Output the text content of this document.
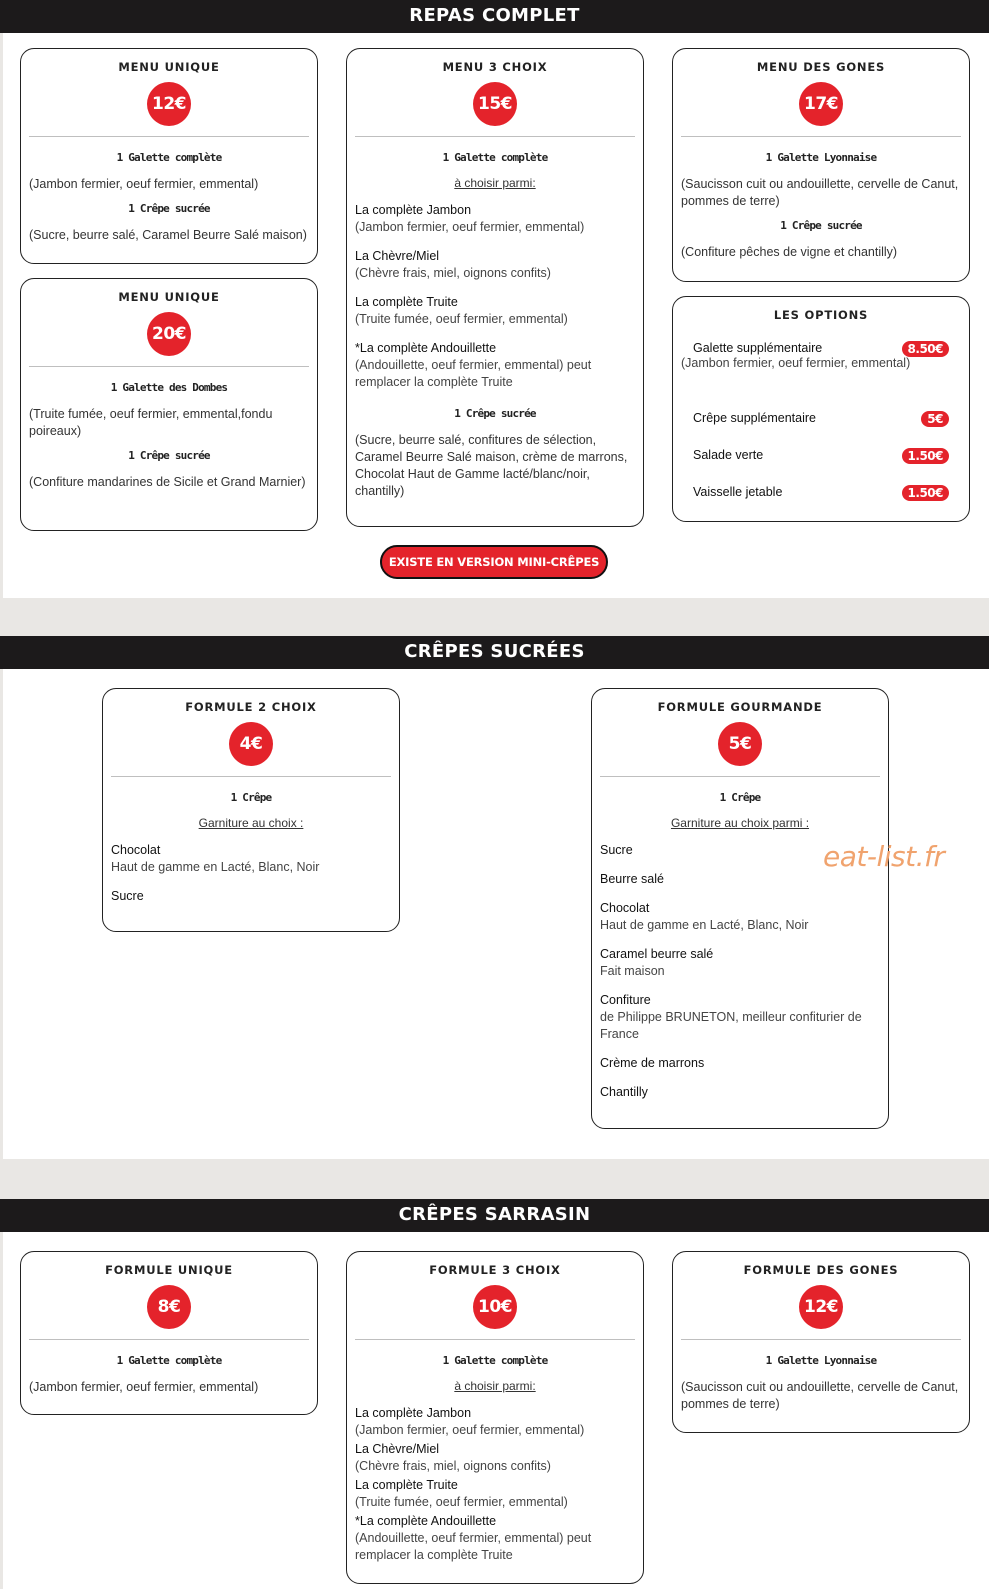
REPAS COMPLET
MENU UNIQUE
12€
1 Galette complète
(Jambon fermier, oeuf fermier, emmental)
1 Crêpe sucrée
(Sucre, beurre salé, Caramel Beurre Salé maison)
MENU UNIQUE
20€
1 Galette des Dombes
(Truite fumée, oeuf fermier, emmental,fondu poireaux)
1 Crêpe sucrée
(Confiture mandarines de Sicile et Grand Marnier)
MENU 3 CHOIX
15€
1 Galette complète
à choisir parmi:
La complète Jambon
(Jambon fermier, oeuf fermier, emmental)
La Chèvre/Miel
(Chèvre frais, miel, oignons confits)
La complète Truite
(Truite fumée, oeuf fermier, emmental)
*La complète Andouillette
(Andouillette, oeuf fermier, emmental) peut remplacer la complète Truite
1 Crêpe sucrée
(Sucre, beurre salé, confitures de sélection, Caramel Beurre Salé maison, crème de marrons, Chocolat Haut de Gamme lacté/blanc/noir, chantilly)
MENU DES GONES
17€
1 Galette Lyonnaise
(Saucisson cuit ou andouillette, cervelle de Canut, pommes de terre)
1 Crêpe sucrée
(Confiture pêches de vigne et chantilly)
LES OPTIONS
Galette supplémentaire
(Jambon fermier, oeuf fermier, emmental)
8.50€
Crêpe supplémentaire	5€
Salade verte	1.50€
Vaisselle jetable	1.50€
EXISTE EN VERSION MINI-CRÊPES
CRÊPES SUCRÉES
FORMULE 2 CHOIX
4€
1 Crêpe
Garniture au choix :
Chocolat
Haut de gamme en Lacté, Blanc, Noir
Sucre
FORMULE GOURMANDE
5€
1 Crêpe
Garniture au choix parmi :
Sucre
Beurre salé
Chocolat
Haut de gamme en Lacté, Blanc, Noir
Caramel beurre salé
Fait maison
Confiture
de Philippe BRUNETON, meilleur confiturier de France
Crème de marrons
Chantilly
eat-list.fr
CRÊPES SARRASIN
FORMULE UNIQUE
8€
1 Galette complète
(Jambon fermier, oeuf fermier, emmental)
FORMULE 3 CHOIX
10€
1 Galette complète
à choisir parmi:
La complète Jambon
(Jambon fermier, oeuf fermier, emmental)
La Chèvre/Miel
(Chèvre frais, miel, oignons confits)
La complète Truite
(Truite fumée, oeuf fermier, emmental)
*La complète Andouillette
(Andouillette, oeuf fermier, emmental) peut remplacer la complète Truite
FORMULE DES GONES
12€
1 Galette Lyonnaise
(Saucisson cuit ou andouillette, cervelle de Canut, pommes de terre)
